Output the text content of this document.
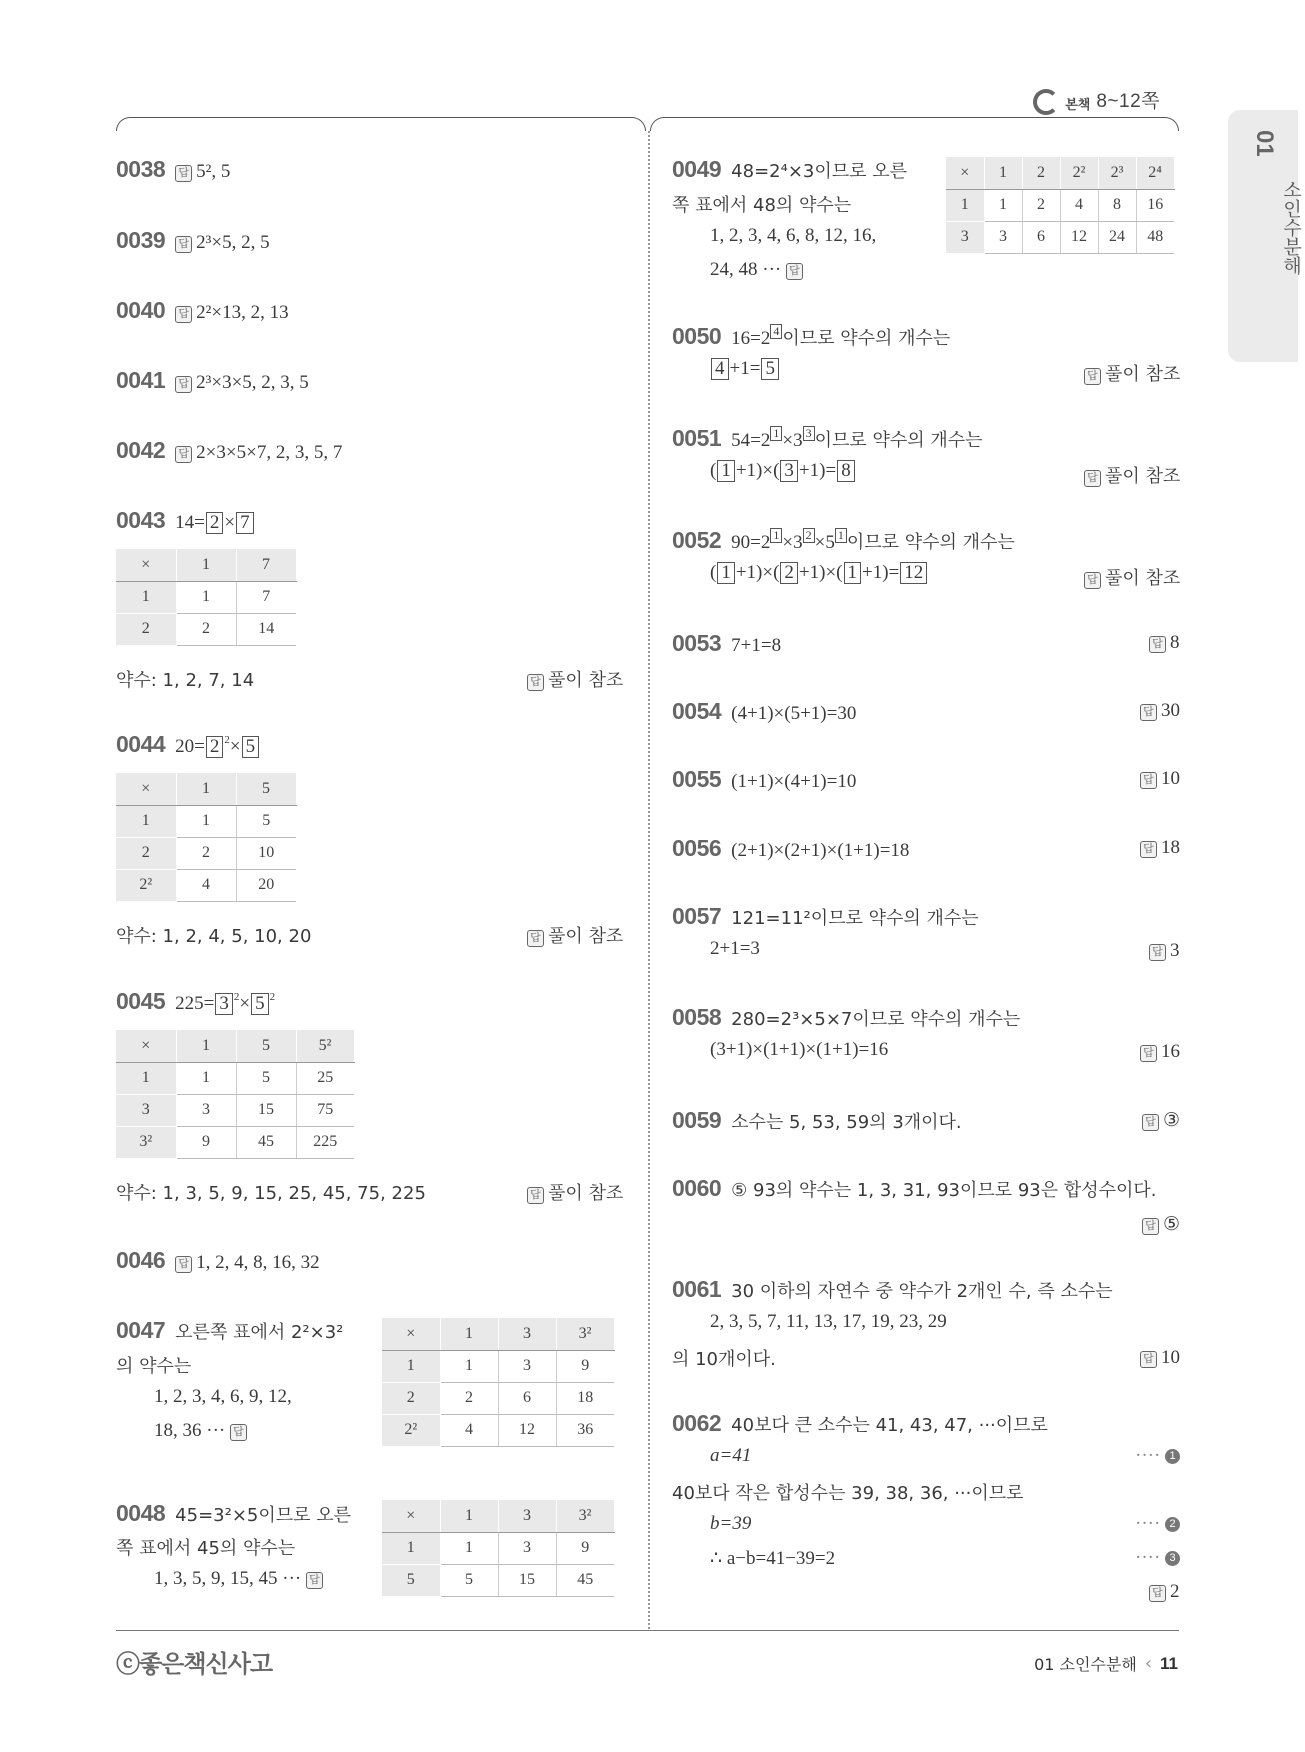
본책 8~12쪽
01
소인수분해
0038 답 5², 5
0039 답 2³×5, 2, 5
0040 답 2²×13, 2, 13
0041 답 2³×3×5, 2, 3, 5
0042 답 2×3×5×7, 2, 3, 5, 7
0043 14= 2 × 7
×	1	7
1	1	7
2	2	14
약수: 1, 2, 7, 14	답 풀이 참조
0044 20= 2 $^2$× 5
×	1	5
1	1	5
2	2	10
2²	4	20
약수: 1, 2, 4, 5, 10, 20	답 풀이 참조
0045 225= 3 $^2$× 5 $^2$
×	1	5	5²
1	1	5	25
3	3	15	75
3²	9	45	225
약수: 1, 3, 5, 9, 15, 25, 45, 75, 225	답 풀이 참조
0046 답 1, 2, 4, 8, 16, 32
0047 오른쪽 표에서 2²×3²
의 약수는
1, 2, 3, 4, 6, 9, 12,
18, 36 ··· 답
×	1	3	3²
1	1	3	9
2	2	6	18
2²	4	12	36
0048 45=3²×5이므로 오른
쪽 표에서 45의 약수는
1, 3, 5, 9, 15, 45 ··· 답
×	1	3	3²
1	1	3	9
5	5	15	45
0049 48=2⁴×3이므로 오른
쪽 표에서 48의 약수는
1, 2, 3, 4, 6, 8, 12, 16,
24, 48 ··· 답
×	1	2	2²	2³	2⁴
1	1	2	4	8	16
3	3	6	12	24	48
0050 16=2 4 이므로 약수의 개수는
4 +1= 5	답 풀이 참조
0051 54=2 1 ×3 3 이므로 약수의 개수는
( 1 +1)×( 3 +1)= 8	답 풀이 참조
0052 90=2 1 ×3 2 ×5 1 이므로 약수의 개수는
( 1 +1)×( 2 +1)×( 1 +1)= 12	답 풀이 참조
0053 7+1=8	답 8
0054 (4+1)×(5+1)=30	답 30
0055 (1+1)×(4+1)=10	답 10
0056 (2+1)×(2+1)×(1+1)=18	답 18
0057 121=11²이므로 약수의 개수는
2+1=3	답 3
0058 280=2³×5×7이므로 약수의 개수는
(3+1)×(1+1)×(1+1)=16	답 16
0059 소수는 5, 53, 59의 3개이다.	답 ③
0060 ⑤ 93의 약수는 1, 3, 31, 93이므로 93은 합성수이다.
답 ⑤
0061 30 이하의 자연수 중 약수가 2개인 수, 즉 소수는
2, 3, 5, 7, 11, 13, 17, 19, 23, 29
의 10개이다.	답 10
0062 40보다 큰 소수는 41, 43, 47, ···이므로
a=41	···· 1
40보다 작은 합성수는 39, 38, 36, ···이므로
b=39	···· 2
∴ a−b=41−39=2	···· 3
답 2
ⓒ좋은책신사고	01 소인수분해 ‹ 11
